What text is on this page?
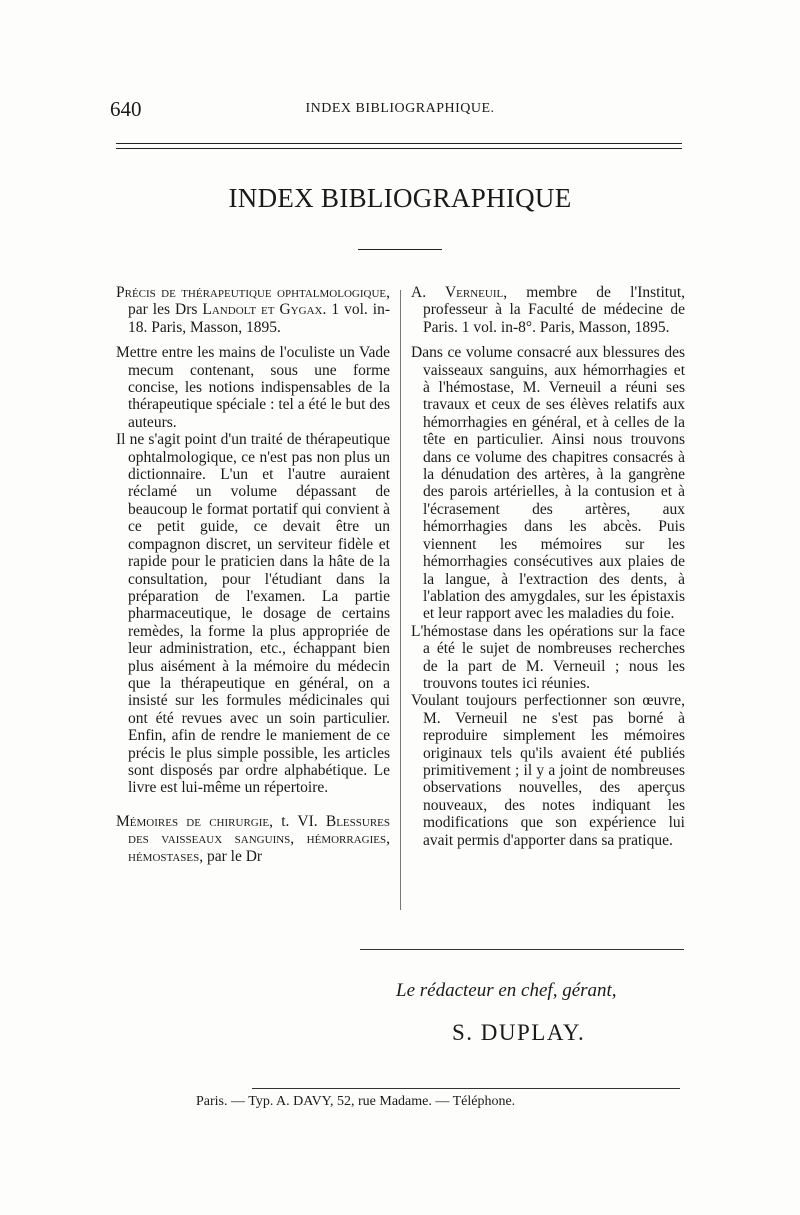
640	INDEX BIBLIOGRAPHIQUE.
INDEX BIBLIOGRAPHIQUE

Précis de thérapeutique ophtalmologique, par les Drs Landolt et Gygax. 1 vol. in-18. Paris, Masson, 1895.

Mettre entre les mains de l'oculiste un Vade mecum contenant, sous une forme concise, les notions indispensables de la thérapeutique spéciale : tel a été le but des auteurs.

Il ne s'agit point d'un traité de thérapeutique ophtalmologique, ce n'est pas non plus un dictionnaire. L'un et l'autre auraient réclamé un volume dépassant de beaucoup le format portatif qui convient à ce petit guide, ce devait être un compagnon discret, un serviteur fidèle et rapide pour le praticien dans la hâte de la consultation, pour l'étudiant dans la préparation de l'examen. La partie pharmaceutique, le dosage de certains remèdes, la forme la plus appropriée de leur administration, etc., échappant bien plus aisément à la mémoire du médecin que la thérapeutique en général, on a insisté sur les formules médicinales qui ont été revues avec un soin particulier. Enfin, afin de rendre le maniement de ce précis le plus simple possible, les articles sont disposés par ordre alphabétique. Le livre est lui-même un répertoire.

Mémoires de chirurgie, t. VI. Blessures des vaisseaux sanguins, hémorragies, hémostases, par le Dr

A. Verneuil, membre de l'Institut, professeur à la Faculté de médecine de Paris. 1 vol. in-8°. Paris, Masson, 1895.

Dans ce volume consacré aux blessures des vaisseaux sanguins, aux hémorrhagies et à l'hémostase, M. Verneuil a réuni ses travaux et ceux de ses élèves relatifs aux hémorrhagies en général, et à celles de la tête en particulier. Ainsi nous trouvons dans ce volume des chapitres consacrés à la dénudation des artères, à la gangrène des parois artérielles, à la contusion et à l'écrasement des artères, aux hémorrhagies dans les abcès. Puis viennent les mémoires sur les hémorrhagies consécutives aux plaies de la langue, à l'extraction des dents, à l'ablation des amygdales, sur les épistaxis et leur rapport avec les maladies du foie.

L'hémostase dans les opérations sur la face a été le sujet de nombreuses recherches de la part de M. Verneuil ; nous les trouvons toutes ici réunies.

Voulant toujours perfectionner son œuvre, M. Verneuil ne s'est pas borné à reproduire simplement les mémoires originaux tels qu'ils avaient été publiés primitivement ; il y a joint de nombreuses observations nouvelles, des aperçus nouveaux, des notes indiquant les modifications que son expérience lui avait permis d'apporter dans sa pratique.

Le rédacteur en chef, gérant,
S. DUPLAY.
Paris. — Typ. A. DAVY, 52, rue Madame. — Téléphone.
